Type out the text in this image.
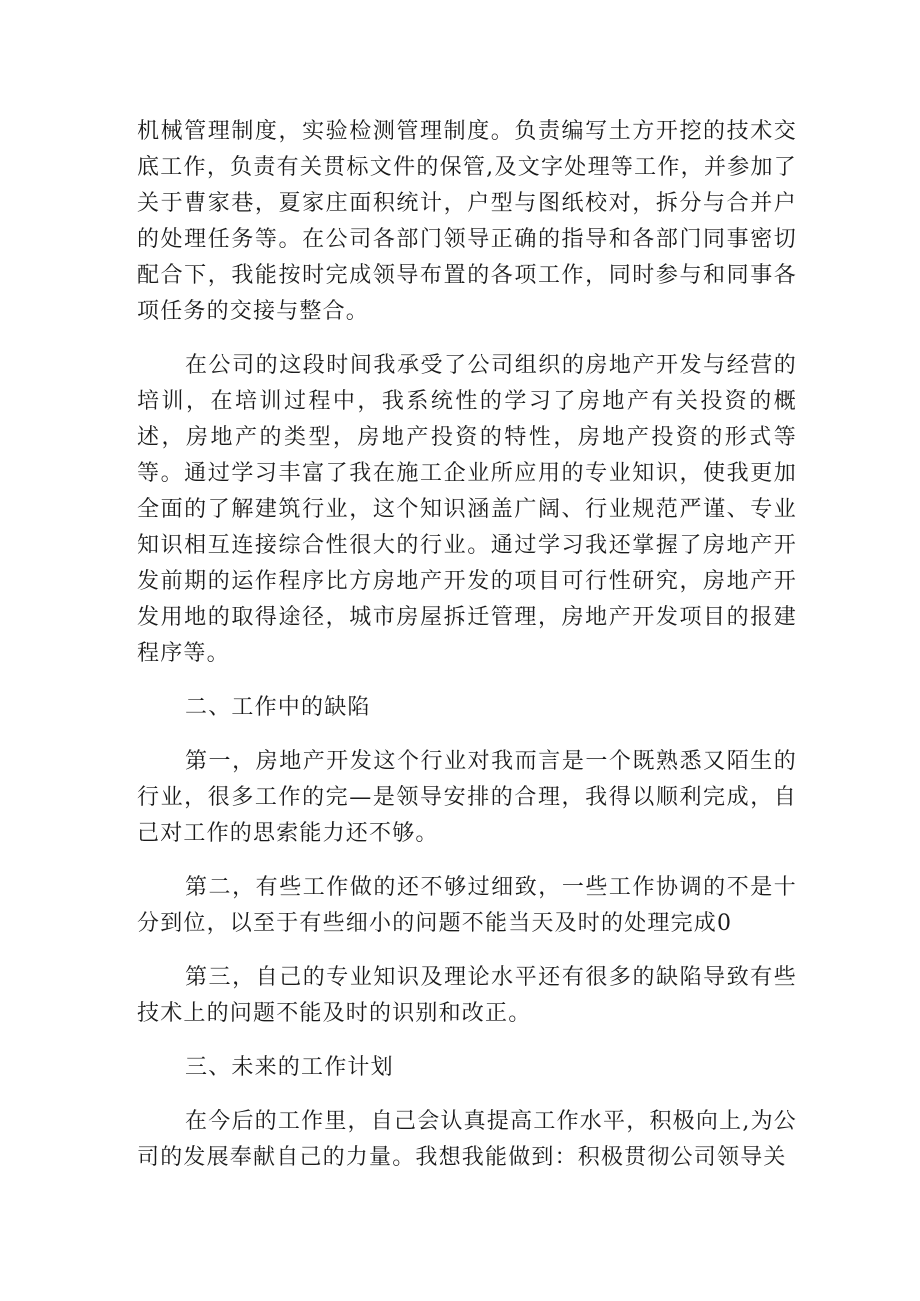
机械管理制度，实验检测管理制度。负责编写土方开挖的技术交底工作，负责有关贯标文件的保管,及文字处理等工作，并参加了关于曹家巷，夏家庄面积统计，户型与图纸校对，拆分与合并户的处理任务等。在公司各部门领导正确的指导和各部门同事密切配合下，我能按时完成领导布置的各项工作，同时参与和同事各项任务的交接与整合。

在公司的这段时间我承受了公司组织的房地产开发与经营的培训，在培训过程中，我系统性的学习了房地产有关投资的概述，房地产的类型，房地产投资的特性，房地产投资的形式等等。通过学习丰富了我在施工企业所应用的专业知识，使我更加全面的了解建筑行业，这个知识涵盖广阔、行业规范严谨、专业知识相互连接综合性很大的行业。通过学习我还掌握了房地产开发前期的运作程序比方房地产开发的项目可行性研究，房地产开发用地的取得途径，城市房屋拆迁管理，房地产开发项目的报建程序等。

二、工作中的缺陷

第一，房地产开发这个行业对我而言是一个既熟悉又陌生的行业，很多工作的完—是领导安排的合理，我得以顺利完成，自己对工作的思索能力还不够。

第二，有些工作做的还不够过细致，一些工作协调的不是十分到位，以至于有些细小的问题不能当天及时的处理完成0

第三，自己的专业知识及理论水平还有很多的缺陷导致有些技术上的问题不能及时的识别和改正。

三、未来的工作计划

在今后的工作里，自己会认真提高工作水平，积极向上,为公司的发展奉献自己的力量。我想我能做到：积极贯彻公司领导关
